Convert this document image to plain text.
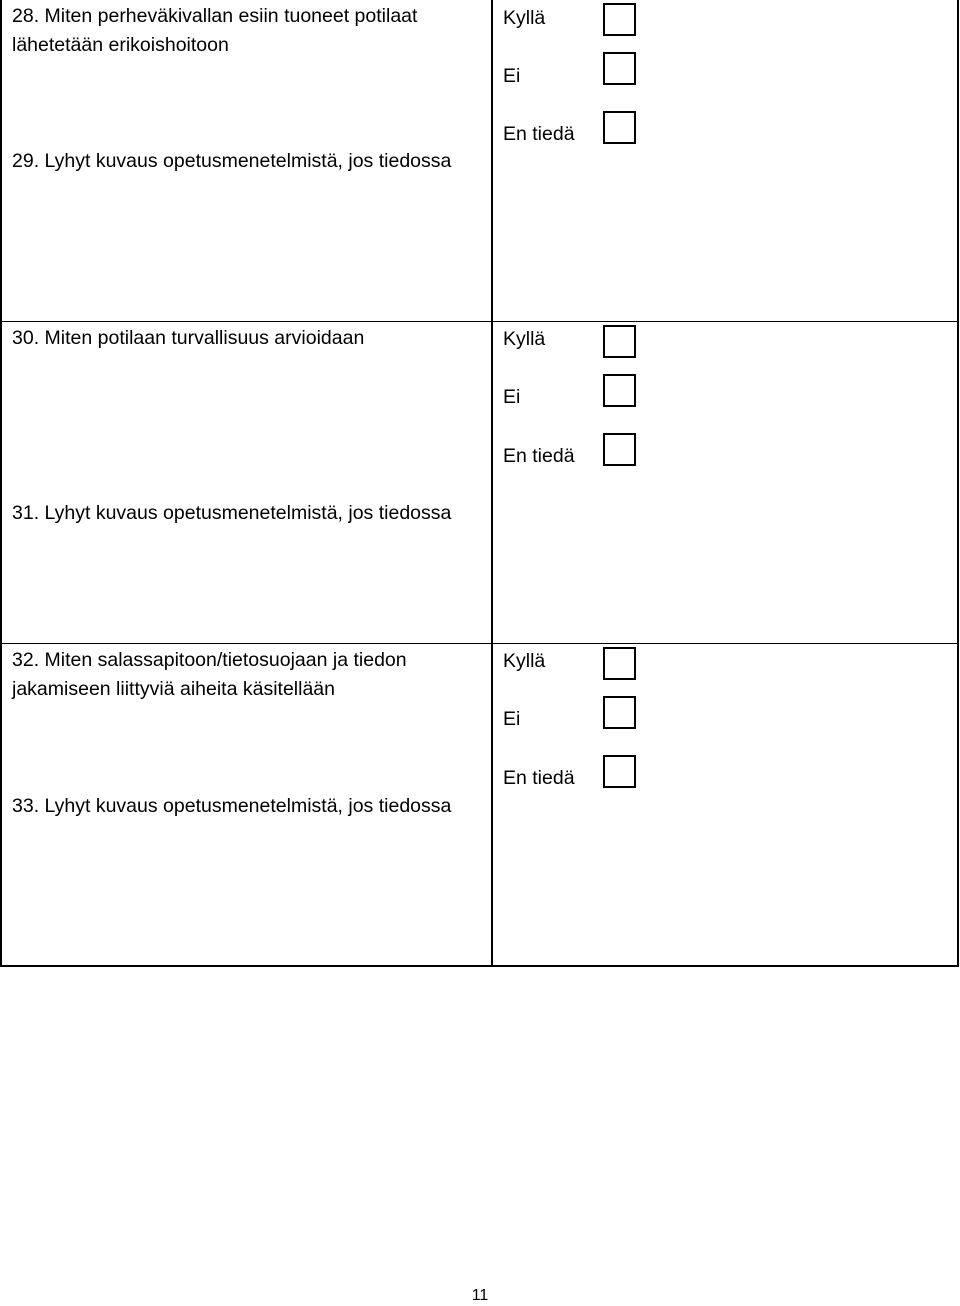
28. Miten perheväkivallan esiin tuoneet potilaat lähetetään erikoishoitoon
29. Lyhyt kuvaus opetusmenetelmistä, jos tiedossa
Kyllä
Ei
En tiedä
30. Miten potilaan turvallisuus arvioidaan
31. Lyhyt kuvaus opetusmenetelmistä, jos tiedossa
Kyllä
Ei
En tiedä
32. Miten salassapitoon/tietosuojaan ja tiedon jakamiseen liittyviä aiheita käsitellään
33. Lyhyt kuvaus opetusmenetelmistä, jos tiedossa
Kyllä
Ei
En tiedä
11
